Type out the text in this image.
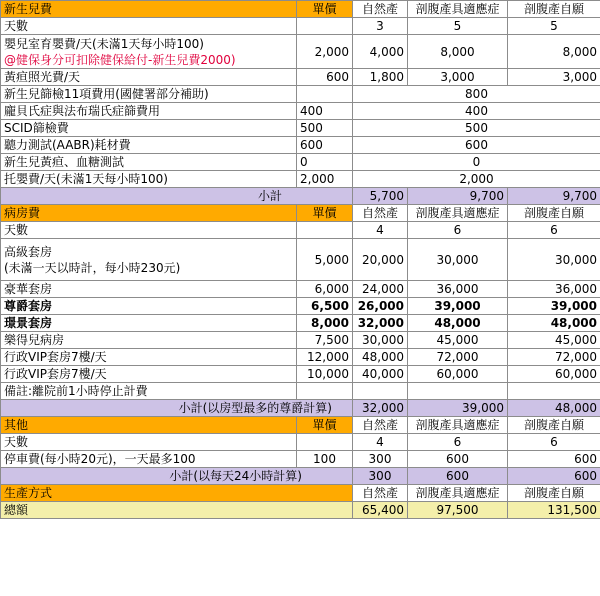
新生兒費	單價	自然產	剖腹產具適應症	剖腹產自願
天數		3	5	5

嬰兒室育嬰費/天(未滿1天每小時100)
@健保身分可扣除健保給付-新生兒費2000)	2,000	4,000	8,000	8,000
黃疸照光費/天	600	1,800	3,000	3,000
新生兒篩檢11項費用(國健署部分補助)		800		
龐貝氏症與法布瑞氏症篩費用	400	400		
SCID篩檢費	500	500		
聽力測試(AABR)耗材費	600	600		
新生兒黃疸、血糖測試	0	0		
托嬰費/天(未滿1天每小時100)	2,000	2,000		
小計		5,700	9,700	9,700
病房費	單價	自然產	剖腹產具適應症	剖腹產自願
天數		4	6	6

高級套房
(未滿一天以時計，每小時230元)	5,000	20,000	30,000	30,000
豪華套房	6,000	24,000	36,000	36,000
尊爵套房	6,500	26,000	39,000	39,000
璟景套房	8,000	32,000	48,000	48,000
樂得兒病房	7,500	30,000	45,000	45,000
行政VIP套房7樓/天	12,000	48,000	72,000	72,000
行政VIP套房7樓/天	10,000	40,000	60,000	60,000
備註:離院前1小時停止計費				
小計(以房型最多的尊爵計算)		32,000	39,000	48,000
其他	單價	自然產	剖腹產具適應症	剖腹產自願
天數		4	6	6
停車費(每小時20元)，一天最多100	100	300	600	600
小計(以每天24小時計算)		300	600	600
生產方式		自然產	剖腹產具適應症	剖腹產自願
總額		65,400	97,500	131,500
